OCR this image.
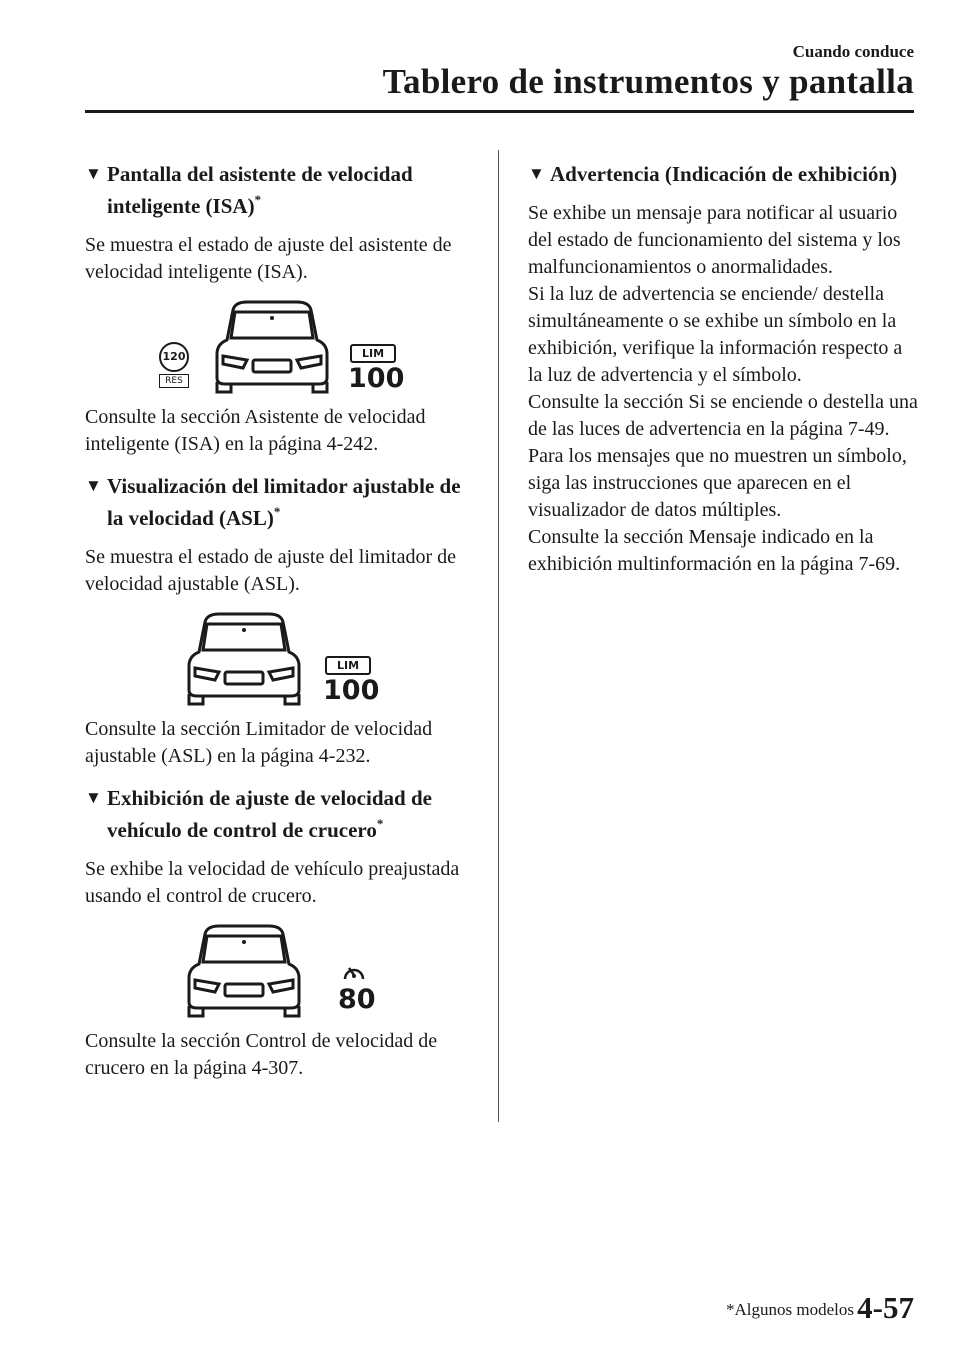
Cuando conduce
Tablero de instrumentos y pantalla
▼ Pantalla del asistente de velocidad inteligente (ISA)*

Se muestra el estado de ajuste del asistente de velocidad inteligente (ISA).

120
RES
LIM
100

Consulte la sección Asistente de velocidad inteligente (ISA) en la página 4-242.

▼ Visualización del limitador ajustable de la velocidad (ASL)*

Se muestra el estado de ajuste del limitador de velocidad ajustable (ASL).

LIM
100

Consulte la sección Limitador de velocidad ajustable (ASL) en la página 4-232.

▼ Exhibición de ajuste de velocidad de vehículo de control de crucero*

Se exhibe la velocidad de vehículo preajustada usando el control de crucero.

80

Consulte la sección Control de velocidad de crucero en la página 4-307.

▼ Advertencia (Indicación de exhibición)

Se exhibe un mensaje para notificar al usuario del estado de funcionamiento del sistema y los malfuncionamientos o anormalidades.

Si la luz de advertencia se enciende/ destella simultáneamente o se exhibe un símbolo en la exhibición, verifique la información respecto a la luz de advertencia y el símbolo.

Consulte la sección Si se enciende o destella una de las luces de advertencia en la página 7-49.

Para los mensajes que no muestren un símbolo, siga las instrucciones que aparecen en el visualizador de datos múltiples.

Consulte la sección Mensaje indicado en la exhibición multinformación en la página 7-69.

*Algunos modelos 4-57
